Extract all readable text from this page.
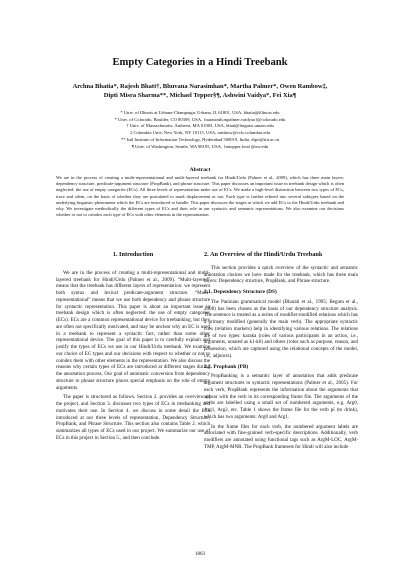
Empty Categories in a Hindi Treebank
Archna Bhatia*, Rajesh Bhatt†, Bhuvana Narasimhan*, Martha Palmer*, Owen Rambow‡,
Dipti Misra Sharma**, Michael Tepper§¶, Ashwini Vaidya*, Fei Xia¶
* Univ. of Illinois at Urbana-Champaign, Urbana, IL 61801, USA, bhatia@illinois.edu
* Univ. of Colorado, Boulder, CO 80309, USA, {narasimb,mpalmer,vaidyaa}@colorado.edu
† Univ. of Massachusetts, Amherst, MA 01003, USA, bhatt@linguist.umass.edu
‡ Columbia Univ, New York, NY 10115, USA, rambow@ccls.columbia.edu
** Intl Institute of Information Technology, Hyderabad 500019, India, dipti@iiit.ac.in
¶ Univ. of Washington, Seattle, WA 98195, USA, {mtepper,fxia}@uw.edu
Abstract
We are in the process of creating a multi-representational and multi-layered treebank for Hindi/Urdu (Palmer et al., 2009), which has three main layers: dependency structure, predicate-argument structure (PropBank), and phrase structure. This paper discusses an important issue in treebank design which is often neglected: the use of empty categories (ECs). All three levels of representation make use of ECs. We make a high-level distinction between two types of ECs, trace and silent, on the basis of whether they are postulated to mark displacement or not. Each type is further refined into several subtypes based on the underlying linguistic phenomena which the ECs are introduced to handle. This paper discusses the stages at which we add ECs to the Hindi/Urdu treebank and why. We investigate methodically the different types of ECs and their role in our syntactic and semantic representations. We also examine our decisions whether or not to coindex each type of ECs with other elements in the representation.
1. Introduction

We are in the process of creating a multi-representational and multi-layered treebank for Hindi/Urdu (Palmer et al., 2009). “Multi-layered” means that the treebank has different layers of representation: we represent both syntax and lexical predicate-argument structure. “Multi-representational” means that we use both dependency and phrase structure for syntactic representation. This paper is about an important issue in treebank design which is often neglected: the use of empty categories (ECs). ECs are a common representational device for treebanking, but they are often not specifically motivated, and may be unclear why an EC is used in a treebank to represent a syntactic fact, rather than some other representational device. The goal of this paper is to carefully explain and justify the types of ECs we use in our Hindi/Urdu treebank. We examine our choice of EC types and our decisions with respect to whether or not to coindex them with other elements in the representation. We also discuss the reasons why certain types of ECs are introduced at different stages during the annotation process. Our goal of automatic conversion from dependency structure to phrase structure places special emphasis on the role of empty arguments.

The paper is structured as follows. Section 2. provides an overview of the project, and Section 3. discusses two types of ECs in treebanking and motivates their use. In Section 4. we discuss in some detail the ECs introduced at our three levels of representation, Dependency Structure, PropBank, and Phrase Structure. This section also contains Table 2. which summarizes all types of ECs used in our project. We summarize our use of ECs in this project in Section 5., and then conclude.

2. An Overview of the Hindi/Urdu Treebank

This section provides a quick overview of the syntactic and semantic annotation choices we have made for the treebank, which has three main layers: Dependency structure, PropBank, and Phrase structure.

2.1. Dependency Structure (DS)

The Paninian grammatical model (Bharati et al., 1995; Begum et al., 2008) has been chosen as the basis of our dependency structure analysis. The sentence is treated as a series of modifier-modified relations which has a primary modified (generally the main verb). The appropriate syntactic cues (relation markers) help in identifying various relations. The relations are of two types: karaka (roles of various participants in an action, i.e., arguments, notated as k1-k6) and others (roles such as purpose, reason, and possession, which are captured using the relational concepts of the model, i.e., adjuncts).

2.2. Propbank (PB)

PropBanking is a semantic layer of annotation that adds predicate argument structures to syntactic representations (Palmer et al., 2005). For each verb, PropBank represents the information about the arguments that appear with the verb in its corresponding frame file. The arguments of the verbs are labelled using a small set of numbered arguments, e.g. Arg0, Arg1, Arg2, etc. Table 1 shows the frame file for the verb pī (to drink), which has two arguments: Arg0 and Arg1.

In the frame files for each verb, the numbered argument labels are associated with fine-grained verb-specific descriptions. Additionally, verb modifiers are annotated using functional tags such as ArgM-LOC, ArgM-TMP, ArgM-MNR. The PropBank framesets for Hindi will also include

1863
